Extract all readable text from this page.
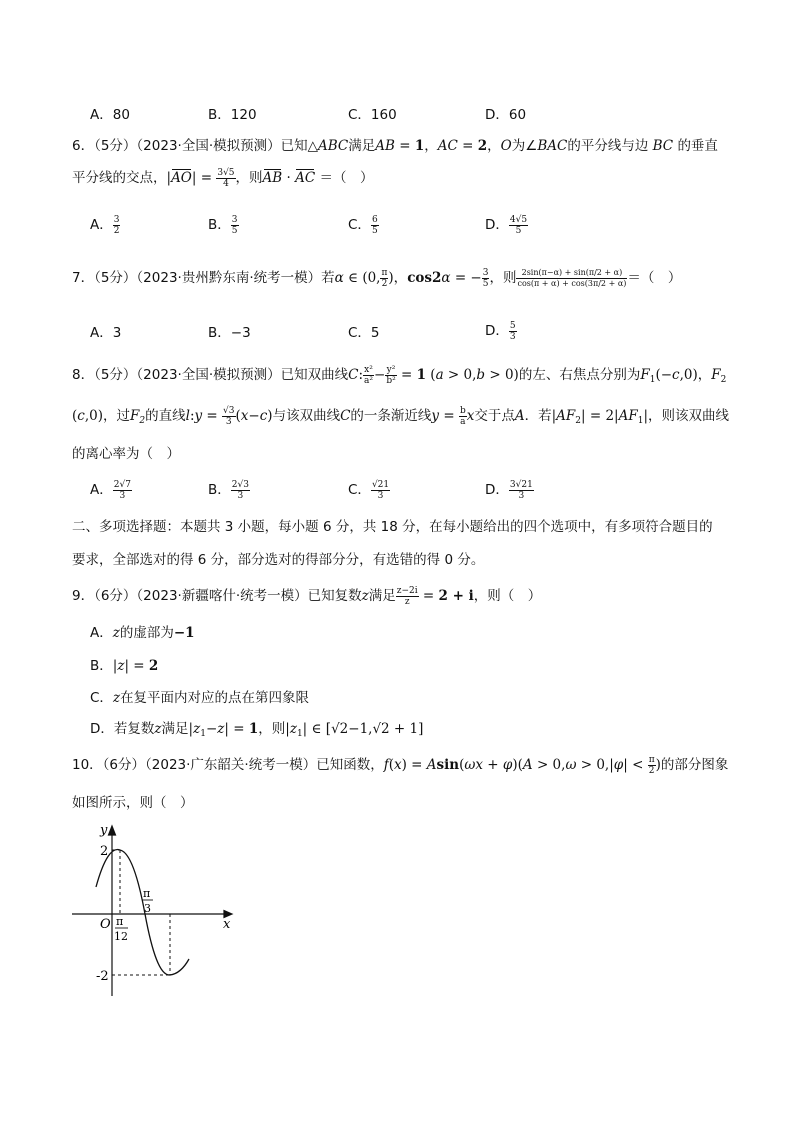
A．80	B．120	C．160	D．60
6．（5分）（2023·全国·模拟预测）已知△ABC满足AB = 1，AC = 2，O为∠BAC的平分线与边 BC 的垂直
平分线的交点，$|AO| = \frac{3√5}{4}$ ，则AB · AC ＝（　）
A． $\frac{3}{2}$	B． $\frac{3}{5}$	C． $\frac{6}{5}$	D． $\frac{4√5}{5}$
7．（5分）（2023·贵州黔东南·统考一模）若α ∈ (0, $\frac{\pi}{2}$ )，cos2α = − $\frac{3}{5}$ ，则 $\frac{2\sin(\pi-\alpha) + \sin(\pi/2 + \alpha)}{\cos(\pi + \alpha) + \cos(3\pi/2 + \alpha)}$ ＝（　）
A．3	B．−3	C．5	D． $\frac{5}{3}$
8．（5分）（2023·全国·模拟预测）已知双曲线C: $\frac{\text{x²}}{\text{a²}} - \frac{\text{y²}}{\text{b²}} = 1$ (a > 0,b > 0)的左、右焦点分别为$F_1(-c,0)$，$F_2$
(c,0)，过$F_2$的直线l:y = $\frac{√3}{3} (x-c)$与该双曲线C的一条渐近线$y = \frac{b}{a}$ x交于点A．若$|AF_2| = 2|AF_1|$，则该双曲线
的离心率为（　）
A． $\frac{2√7}{3}$	B． $\frac{2√3}{3}$	C． $\frac{√21}{3}$	D． $\frac{3√21}{3}$
二、多项选择题：本题共 3 小题，每小题 6 分，共 18 分，在每小题给出的四个选项中，有多项符合题目的
要求，全部选对的得 6 分，部分选对的得部分分，有选错的得 0 分。
9．（6分）（2023·新疆喀什·统考一模）已知复数z满足 $\frac{z-2i}{z} = 2 + i$，则（　）
A．z的虚部为−1
B．|z| = 2
C．z在复平面内对应的点在第四象限
D．若复数z满足$|z_1-z| = 1$，则$|z_1|$ ∈ [√2−1,√2 + 1]
10．（6分）（2023·广东韶关·统考一模）已知函数，$f(x) = Asin(\omega x + \varphi)(A > 0,\omega > 0,|\varphi| < \frac{\pi}{2}$ )的部分图象
如图所示，则（　）
y
x
O
2
-2
π
12
π
3
